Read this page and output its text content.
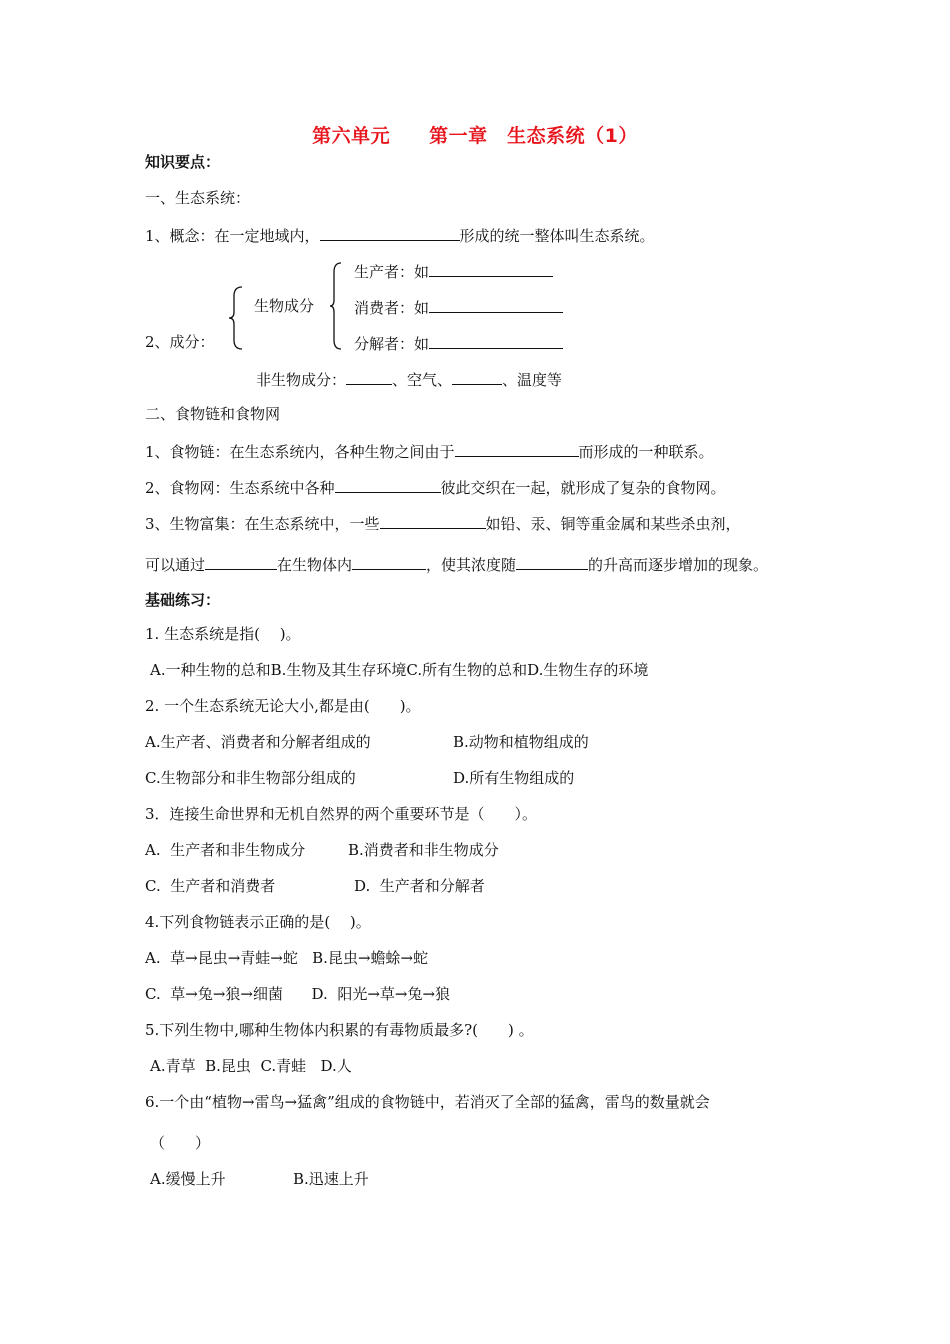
第六单元　　第一章　生态系统（1）
知识要点：
一、生态系统：
1、概念：在一定地域内，	形成的统一整体叫生态系统。
生物成分
2、成分：
生产者：如
消费者：如
分解者：如
非生物成分：	、空气、	、温度等
二、食物链和食物网
1、食物链：在生态系统内，各种生物之间由于	而形成的一种联系。
2、食物网：生态系统中各种	彼此交织在一起，就形成了复杂的食物网。
3、生物富集：在生态系统中，一些	如铅、汞、铜等重金属和某些杀虫剂，
可以通过	在生物体内	，使其浓度随	的升高而逐步增加的现象。
基础练习：
1. 生态系统是指(　 )。
A.一种生物的总和B.生物及其生存环境C.所有生物的总和D.生物生存的环境
2. 一个生态系统无论大小,都是由(　　)。
A.生产者、消费者和分解者组成的	B.动物和植物组成的
C.生物部分和非生物部分组成的	D.所有生物组成的
3．连接生命世界和无机自然界的两个重要环节是（　　）。
A.  生产者和非生物成分	B.消费者和非生物成分
C.  生产者和消费者	D.  生产者和分解者
4.下列食物链表示正确的是(　 )。
A.  草→昆虫→青蛙→蛇   B.昆虫→蟾蜍→蛇
C.  草→兔→狼→细菌      D.  阳光→草→兔→狼
5.下列生物中,哪种生物体内积累的有毒物质最多?(　　) 。
A.青草  B.昆虫  C.青蛙   D.人
6.一个由“植物→雷鸟→猛禽”组成的食物链中，若消灭了全部的猛禽，雷鸟的数量就会
（　　）
A.缓慢上升	B.迅速上升
